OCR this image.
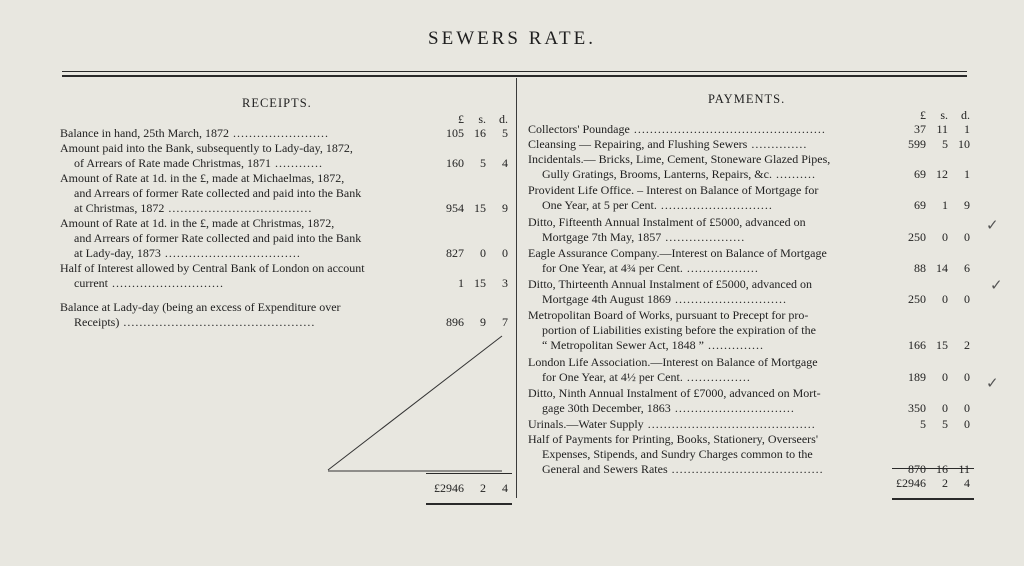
SEWERS RATE.
RECEIPTS.	PAYMENTS.
✓
✓
✓
£ s. d.
Balance in hand, 25th March, 1872 ........................	105 16 5
Amount paid into the Bank, subsequently to Lady-day, 1872,
of Arrears of Rate made Christmas, 1871 ............	160 5 4
Amount of Rate at 1d. in the £, made at Michaelmas, 1872,
and Arrears of former Rate collected and paid into the Bank
at Christmas, 1872 ....................................	954 15 9
Amount of Rate at 1d. in the £, made at Christmas, 1872,
and Arrears of former Rate collected and paid into the Bank
at Lady-day, 1873 ..................................	827 0 0
Half of Interest allowed by Central Bank of London on account
current ............................	1 15 3
Balance at Lady-day (being an excess of Expenditure over
Receipts) ................................................	896 9 7
£2946 2 4
£ s. d.
Collectors' Poundage ................................................	37 11 1
Cleansing — Repairing, and Flushing Sewers ..............	599 5 10
Incidentals.— Bricks, Lime, Cement, Stoneware Glazed Pipes,
Gully Gratings, Brooms, Lanterns, Repairs, &c. ..........	69 12 1
Provident Life Office. – Interest on Balance of Mortgage for
One Year, at 5 per Cent. ............................	69 1 9
Ditto, Fifteenth Annual Instalment of £5000, advanced on
Mortgage 7th May, 1857 ....................	250 0 0
Eagle Assurance Company.—Interest on Balance of Mortgage
for One Year, at 4¾ per Cent. ..................	88 14 6
Ditto, Thirteenth Annual Instalment of £5000, advanced on
Mortgage 4th August 1869 ............................	250 0 0
Metropolitan Board of Works, pursuant to Precept for pro-
portion of Liabilities existing before the expiration of the
“ Metropolitan Sewer Act, 1848 ” ..............	166 15 2
London Life Association.—Interest on Balance of Mortgage
for One Year, at 4½ per Cent. ................	189 0 0
Ditto, Ninth Annual Instalment of £7000, advanced on Mort-
gage 30th December, 1863 ..............................	350 0 0
Urinals.—Water Supply ..........................................	5 5 0
Half of Payments for Printing, Books, Stationery, Overseers'
Expenses, Stipends, and Sundry Charges common to the
General and Sewers Rates ......................................	870 16 11
£2946 2 4
